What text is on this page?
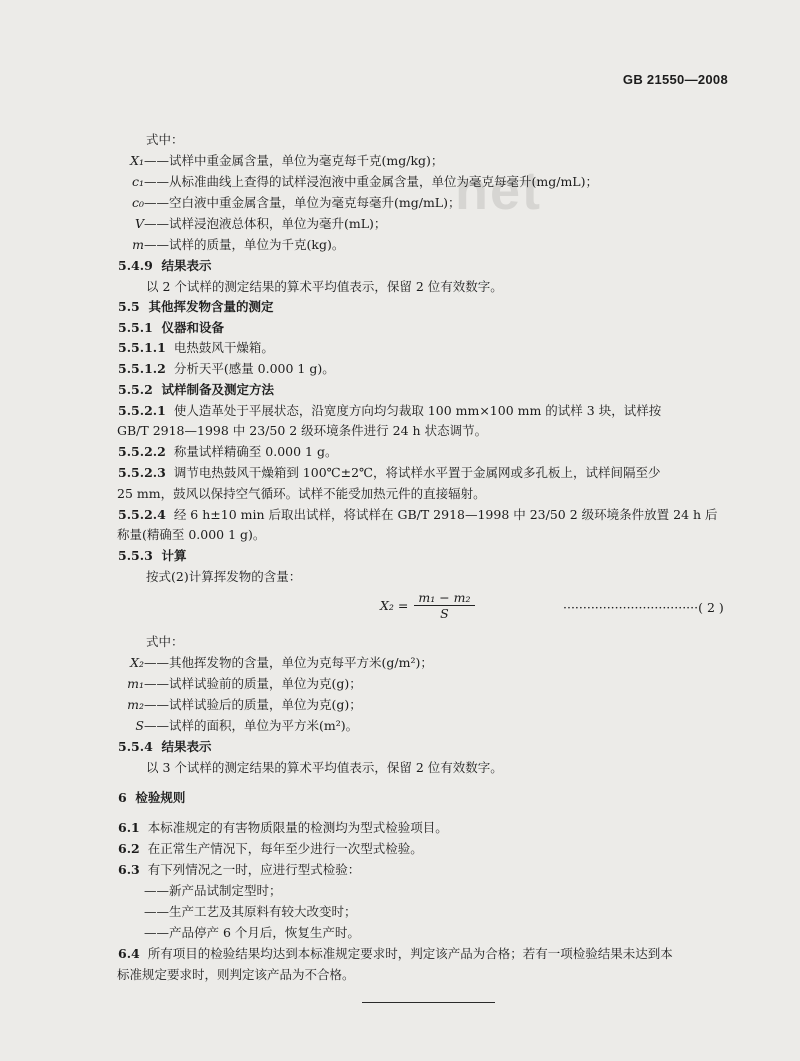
net
GB 21550—2008
式中：
X₁——试样中重金属含量，单位为毫克每千克(mg/kg)；
c₁——从标准曲线上查得的试样浸泡液中重金属含量，单位为毫克每毫升(mg/mL)；
c₀——空白液中重金属含量，单位为毫克每毫升(mg/mL)；
V——试样浸泡液总体积，单位为毫升(mL)；
m——试样的质量，单位为千克(kg)。
5.4.9 结果表示
以 2 个试样的测定结果的算术平均值表示，保留 2 位有效数字。
5.5 其他挥发物含量的测定
5.5.1 仪器和设备
5.5.1.1 电热鼓风干燥箱。
5.5.1.2 分析天平(感量 0.000 1 g)。
5.5.2 试样制备及测定方法
5.5.2.1 使人造革处于平展状态，沿宽度方向均匀裁取 100 mm×100 mm 的试样 3 块，试样按
GB/T 2918—1998 中 23/50 2 级环境条件进行 24 h 状态调节。
5.5.2.2 称量试样精确至 0.000 1 g。
5.5.2.3 调节电热鼓风干燥箱到 100℃±2℃，将试样水平置于金属网或多孔板上，试样间隔至少
25 mm，鼓风以保持空气循环。试样不能受加热元件的直接辐射。
5.5.2.4 经 6 h±10 min 后取出试样，将试样在 GB/T 2918—1998 中 23/50 2 级环境条件放置 24 h 后
称量(精确至 0.000 1 g)。
5.5.3 计算
按式(2)计算挥发物的含量：
$X_2 = \frac{\text{m₁ − m₂}}{S}$	··································( 2 )
式中：
X₂——其他挥发物的含量，单位为克每平方米(g/m²)；
m₁——试样试验前的质量，单位为克(g)；
m₂——试样试验后的质量，单位为克(g)；
S——试样的面积，单位为平方米(m²)。
5.5.4 结果表示
以 3 个试样的测定结果的算术平均值表示，保留 2 位有效数字。
6 检验规则
6.1 本标准规定的有害物质限量的检测均为型式检验项目。
6.2 在正常生产情况下，每年至少进行一次型式检验。
6.3 有下列情况之一时，应进行型式检验：
——新产品试制定型时；
——生产工艺及其原料有较大改变时；
——产品停产 6 个月后，恢复生产时。
6.4 所有项目的检验结果均达到本标准规定要求时，判定该产品为合格；若有一项检验结果未达到本
标准规定要求时，则判定该产品为不合格。
